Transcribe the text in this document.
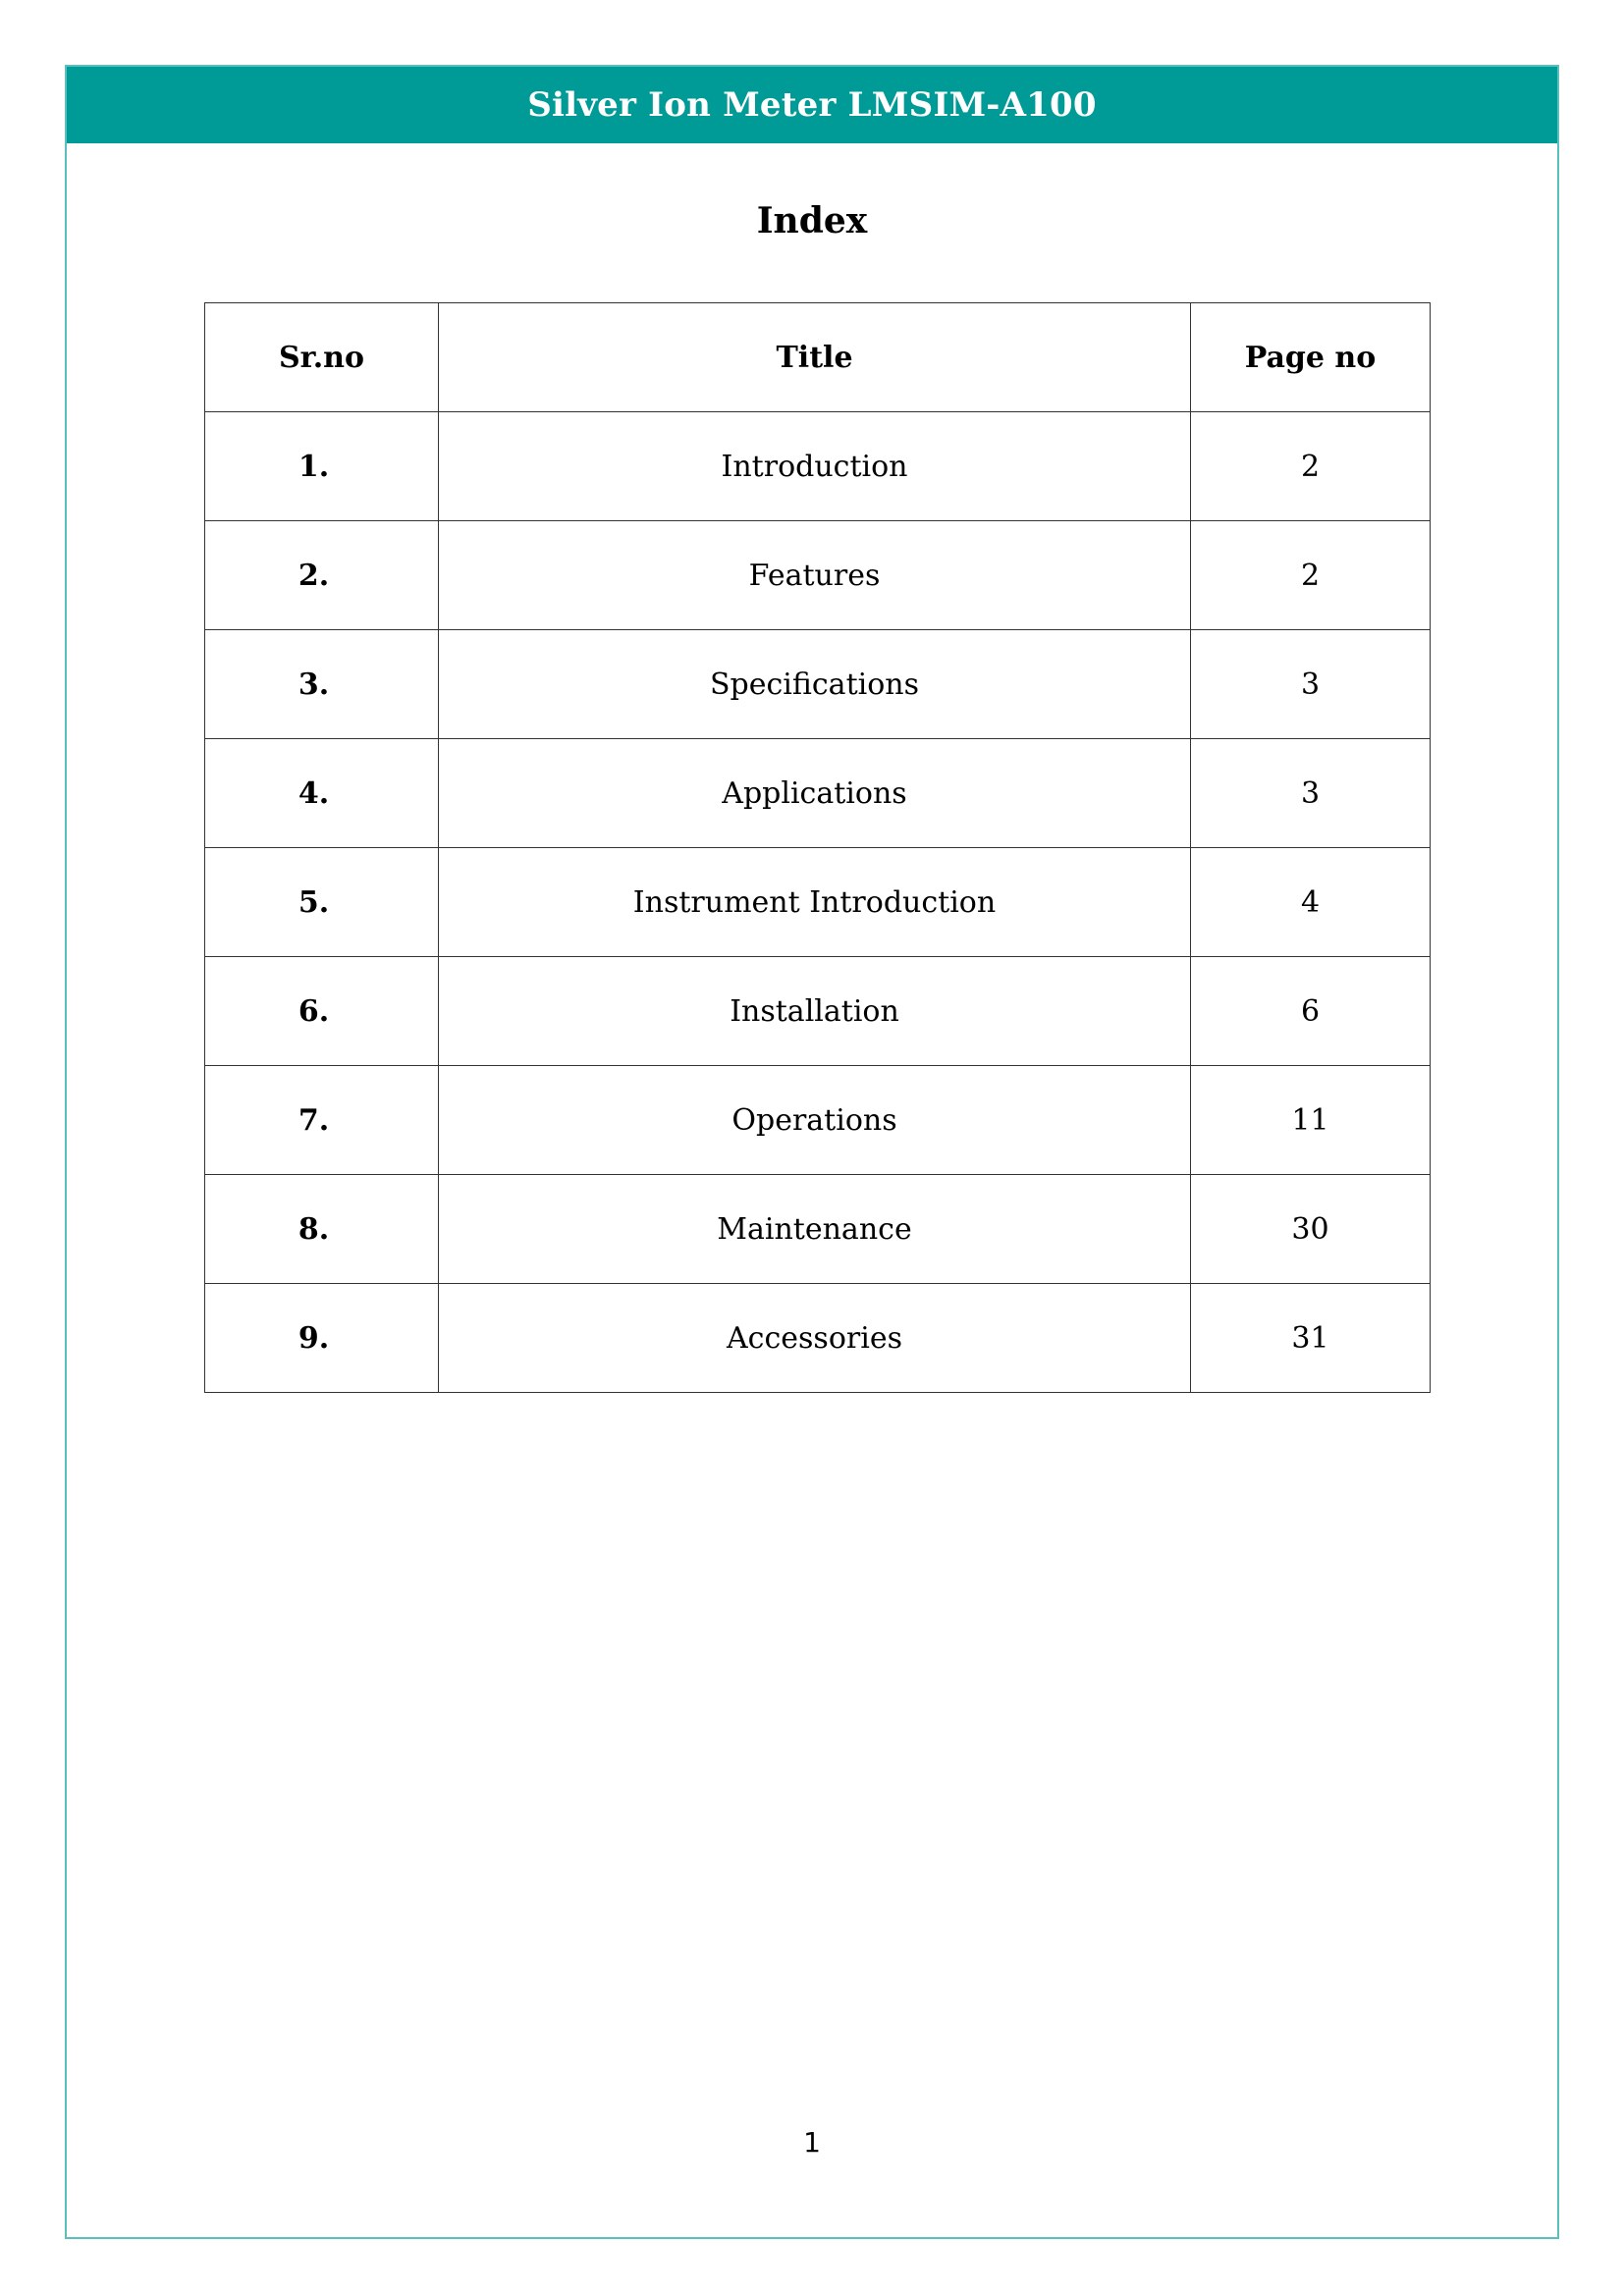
Silver Ion Meter LMSIM-A100
Index
Sr.no	Title	Page no
1.	Introduction	2
2.	Features	2
3.	Specifications	3
4.	Applications	3
5.	Instrument Introduction	4
6.	Installation	6
7.	Operations	11
8.	Maintenance	30
9.	Accessories	31
1
